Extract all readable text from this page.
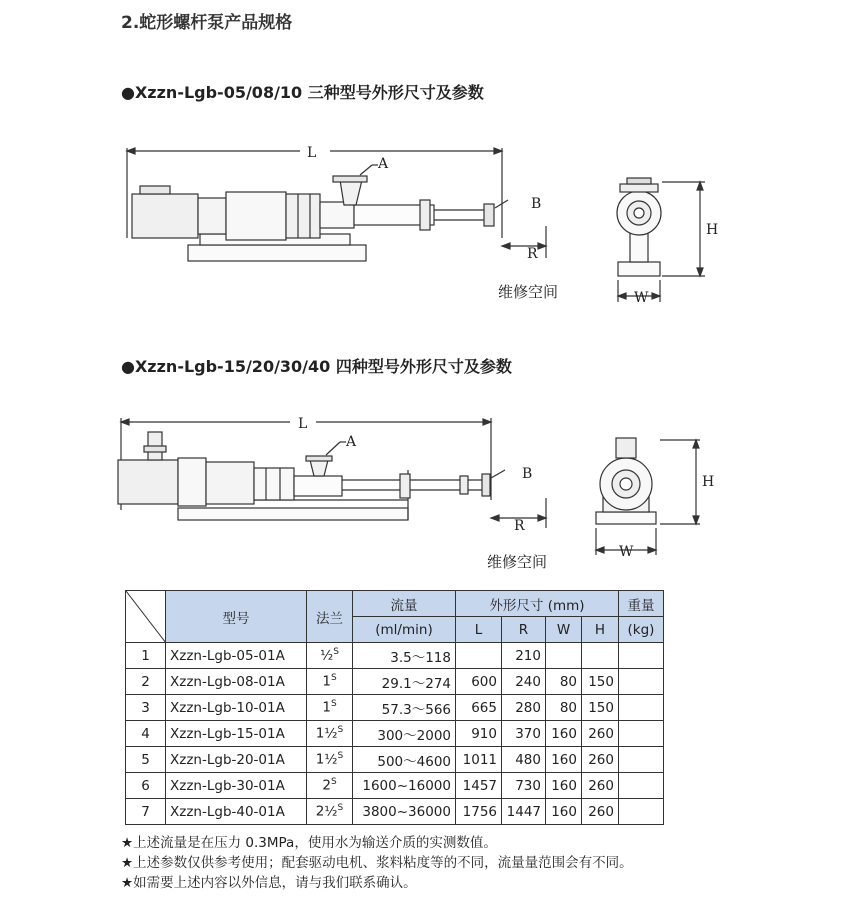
2.蛇形螺杆泵产品规格
●Xzzn-Lgb-05/08/10 三种型号外形尺寸及参数
L
A
B
R
H
W
维修空间
●Xzzn-Lgb-15/20/30/40 四种型号外形尺寸及参数
L
A
B
R
H
W
维修空间
	型号	法兰	流量	外形尺寸 (mm)				重量
			(ml/min)	L	R	W	H	(kg)
1	Xzzn-Lgb-05-01A	½$^S$	3.5～118		210			
2	Xzzn-Lgb-08-01A	$1^S$	29.1～274	600	240	80	150	
3	Xzzn-Lgb-10-01A	$1^S$	57.3～566	665	280	80	150	
4	Xzzn-Lgb-15-01A	1½$^S$	300～2000	910	370	160	260	
5	Xzzn-Lgb-20-01A	1½$^S$	500～4600	1011	480	160	260	
6	Xzzn-Lgb-30-01A	$2^S$	1600~16000	1457	730	160	260	
7	Xzzn-Lgb-40-01A	2½$^S$	3800~36000	1756	1447	160	260	
★上述流量是在压力 0.3MPa，使用水为输送介质的实测数值。
★上述参数仅供参考使用；配套驱动电机、浆料粘度等的不同，流量量范围会有不同。
★如需要上述内容以外信息，请与我们联系确认。
